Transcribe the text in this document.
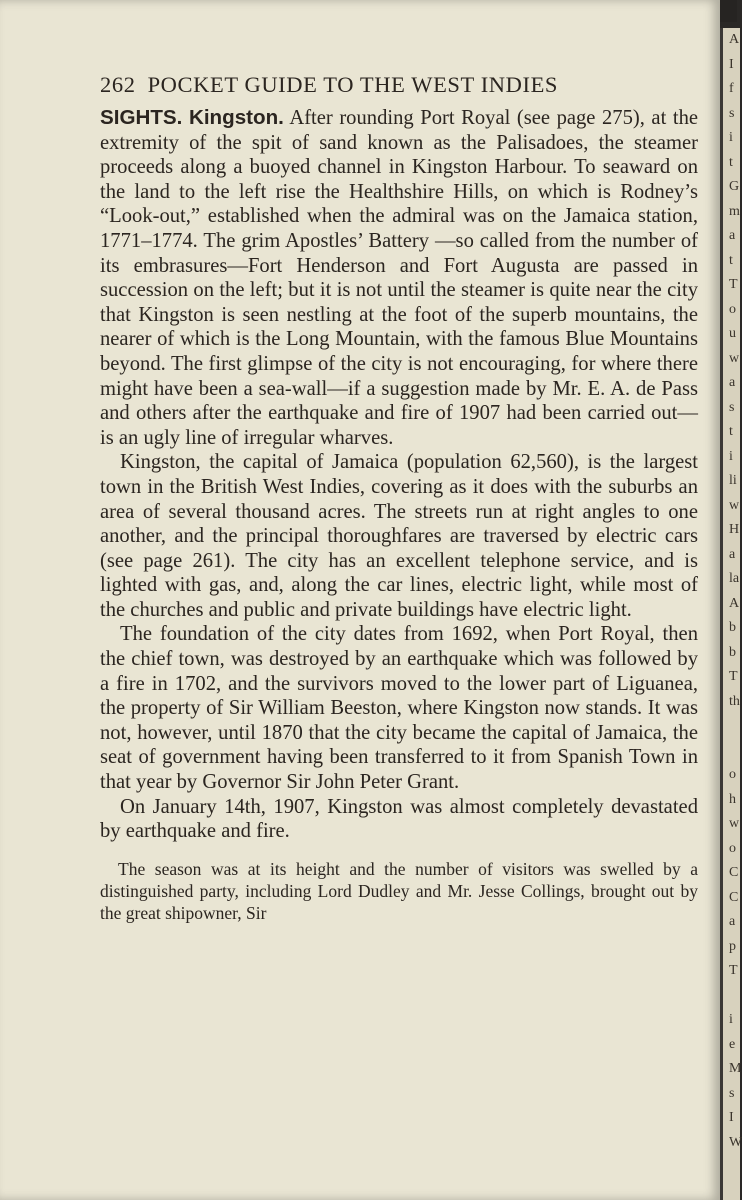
262 POCKET GUIDE TO THE WEST INDIES

SIGHTS. Kingston. After rounding Port Royal (see page 275), at the extremity of the spit of sand known as the Palisadoes, the steamer proceeds along a buoyed channel in Kingston Harbour. To seaward on the land to the left rise the Healthshire Hills, on which is Rodney’s “Look-out,” established when the admiral was on the Jamaica station, 1771–1774. The grim Apostles’ Battery —so called from the number of its embrasures—Fort Henderson and Fort Augusta are passed in succession on the left; but it is not until the steamer is quite near the city that Kingston is seen nestling at the foot of the superb mountains, the nearer of which is the Long Mountain, with the famous Blue Mountains beyond. The first glimpse of the city is not encouraging, for where there might have been a sea-wall—if a suggestion made by Mr. E. A. de Pass and others after the earthquake and fire of 1907 had been carried out—is an ugly line of irregular wharves.

Kingston, the capital of Jamaica (population 62,560), is the largest town in the British West Indies, covering as it does with the suburbs an area of several thousand acres. The streets run at right angles to one another, and the principal thoroughfares are traversed by electric cars (see page 261). The city has an excellent telephone service, and is lighted with gas, and, along the car lines, electric light, while most of the churches and public and private buildings have electric light.

The foundation of the city dates from 1692, when Port Royal, then the chief town, was destroyed by an earthquake which was followed by a fire in 1702, and the survivors moved to the lower part of Liguanea, the property of Sir William Beeston, where Kingston now stands. It was not, however, until 1870 that the city became the capital of Jamaica, the seat of government having been transferred to it from Spanish Town in that year by Governor Sir John Peter Grant.

On January 14th, 1907, Kingston was almost completely devastated by earthquake and fire.

The season was at its height and the number of visitors was swelled by a distinguished party, including Lord Dudley and Mr. Jesse Collings, brought out by the great shipowner, Sir
A
I
f
s
i
t
G
m
a
t
T
o
u
w
a
s
t
i
li
w
H
a
la
A
b
b
T
th

o
h
w
o
C
C
a
p
T

i
e
M
s
I
W
